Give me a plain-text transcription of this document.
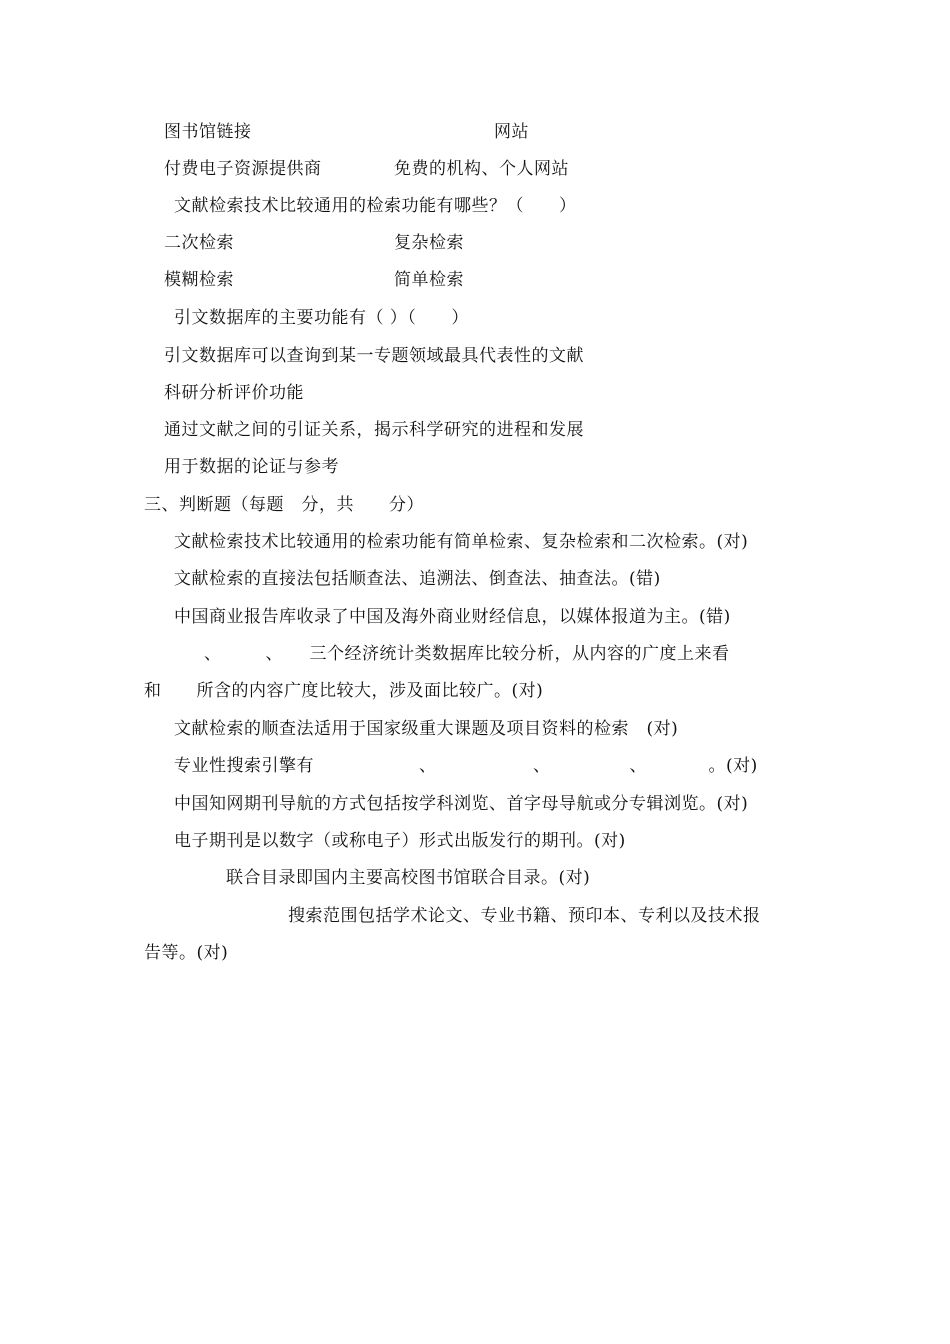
图书馆链接	网站
付费电子资源提供商	免费的机构、个人网站
文献检索技术比较通用的检索功能有哪些？（　　）
二次检索	复杂检索
模糊检索	简单检索
引文数据库的主要功能有（ ）（　　）
引文数据库可以查询到某一专题领域最具代表性的文献
科研分析评价功能
通过文献之间的引证关系，揭示科学研究的进程和发展
用于数据的论证与参考
三、判断题（每题　分，共　　分）
文献检索技术比较通用的检索功能有简单检索、复杂检索和二次检索。(对)
文献检索的直接法包括顺查法、追溯法、倒查法、抽查法。(错)
中国商业报告库收录了中国及海外商业财经信息，以媒体报道为主。(错)
、　　　、　　三个经济统计类数据库比较分析，从内容的广度上来看
和　　所含的内容广度比较大，涉及面比较广。(对)
文献检索的顺查法适用于国家级重大课题及项目资料的检索　(对)
专业性搜索引擎有　　　　　　、　　　　　　、　　　　　、　　　　。(对)
中国知网期刊导航的方式包括按学科浏览、首字母导航或分专辑浏览。(对)
电子期刊是以数字（或称电子）形式出版发行的期刊。(对)
联合目录即国内主要高校图书馆联合目录。(对)
搜索范围包括学术论文、专业书籍、预印本、专利以及技术报
告等。(对)
